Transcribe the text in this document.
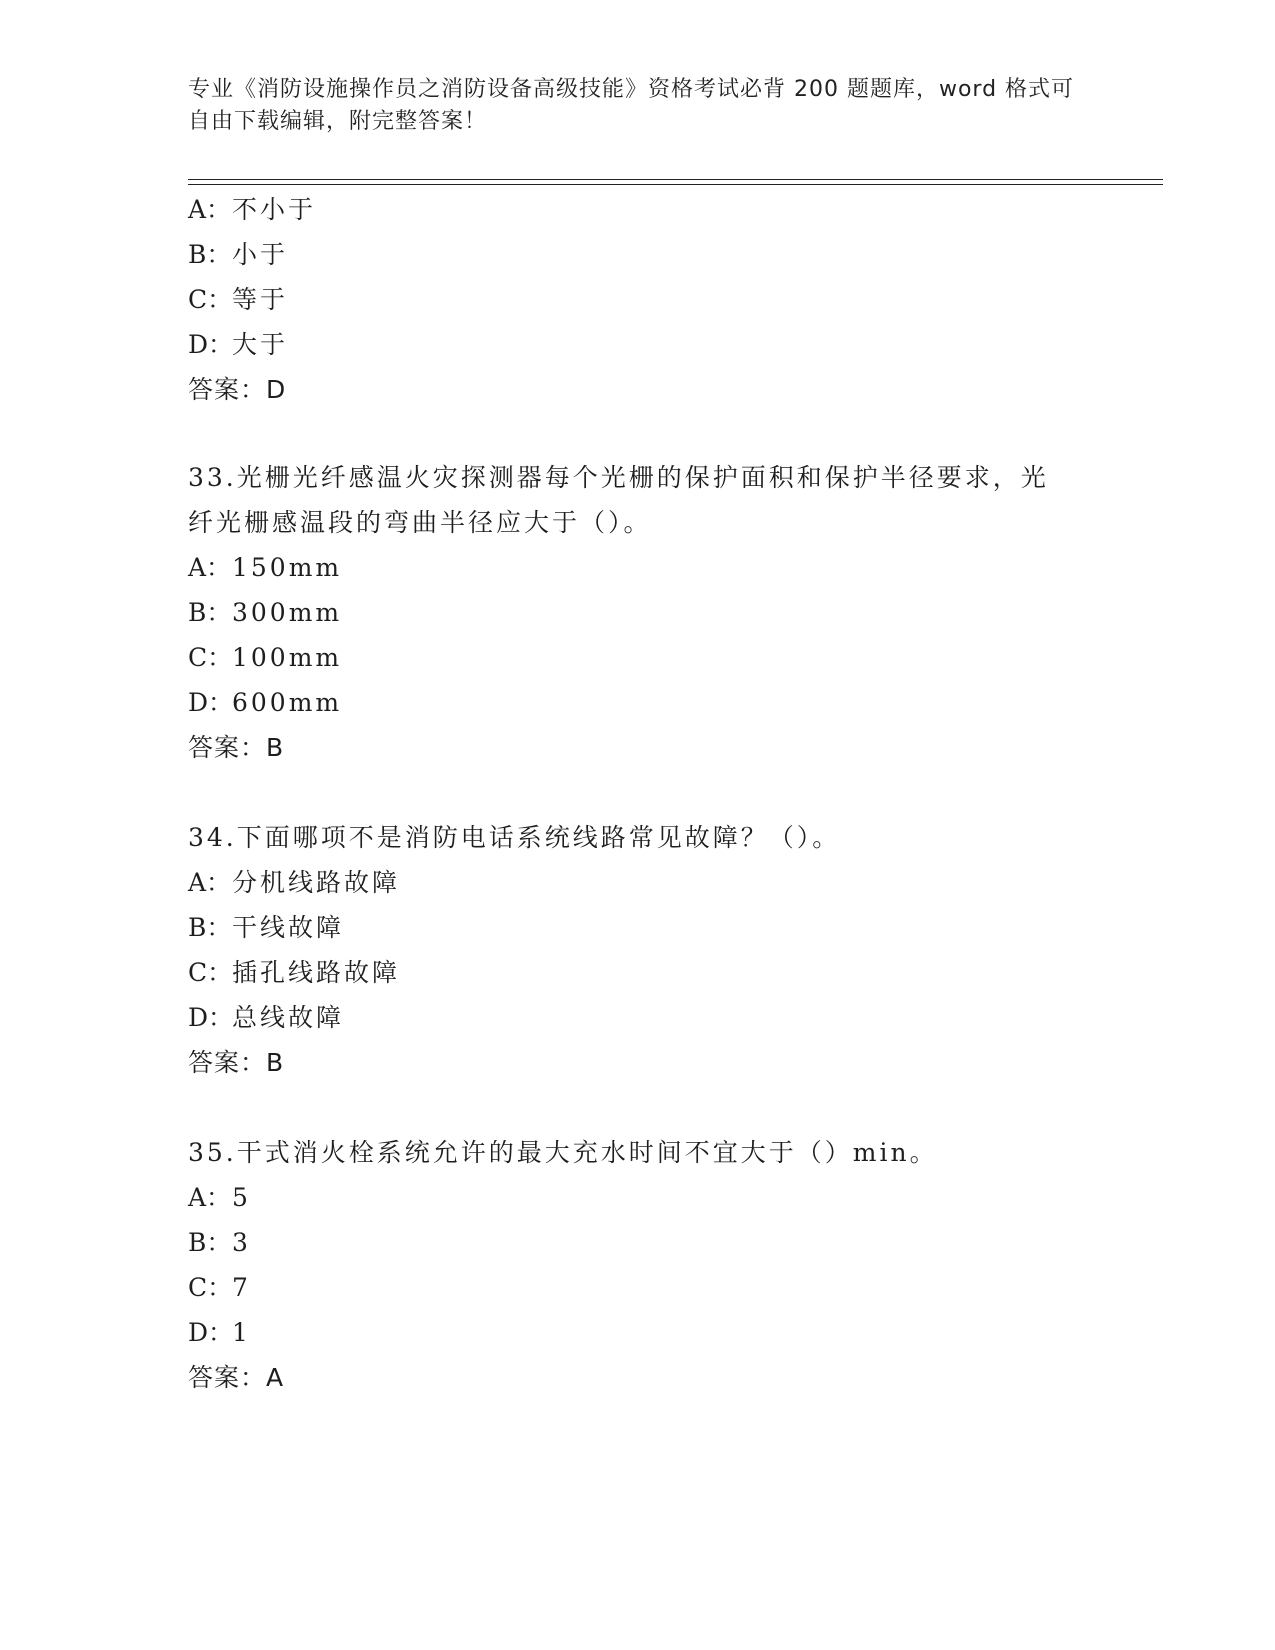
专业《消防设施操作员之消防设备高级技能》资格考试必背 200 题题库，word 格式可自由下载编辑，附完整答案！
A：不小于
B：小于
C：等于
D：大于
答案：D
33.光栅光纤感温火灾探测器每个光栅的保护面积和保护半径要求，光
纤光栅感温段的弯曲半径应大于（）。
A：150mm
B：300mm
C：100mm
D：600mm
答案：B
34.下面哪项不是消防电话系统线路常见故障？（）。
A：分机线路故障
B：干线故障
C：插孔线路故障
D：总线故障
答案：B
35.干式消火栓系统允许的最大充水时间不宜大于（）min。
A：5
B：3
C：7
D：1
答案：A
